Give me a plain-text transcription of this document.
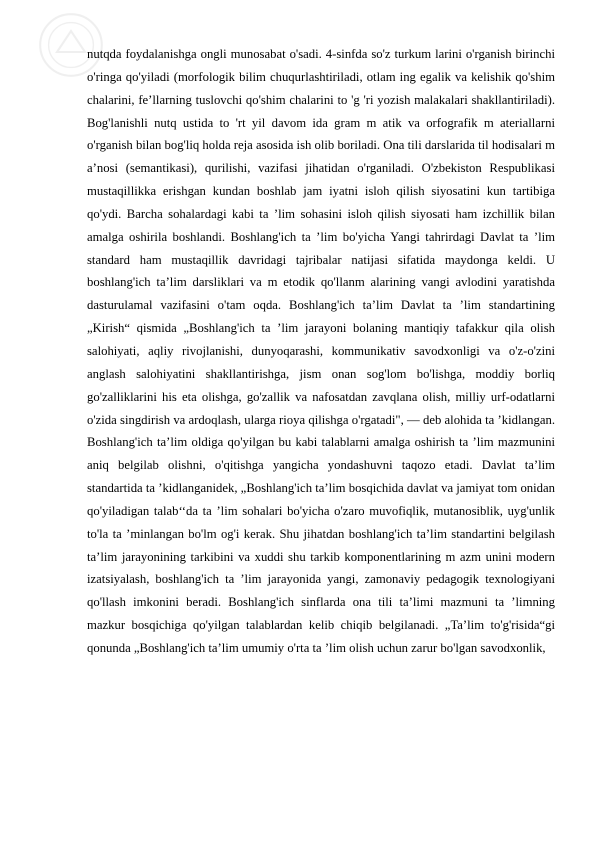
nutqda foydalanishga ongli munosabat o'sadi. 4-sinfda so'z turkum larini o'rganish birinchi o'ringa qo'yiladi (morfologik bilim chuqurlashtiriladi, otlam ing egalik va kelishik qo'shim chalarini, fe’llarning tuslovchi qo'shim chalarini to 'g 'ri yozish malakalari shakllantiriladi). Bog'lanishli nutq ustida to 'rt yil davom ida gram m atik va orfografik m ateriallarni o'rganish bilan bog'liq holda reja asosida ish olib boriladi. Ona tili darslarida til hodisalari m a’nosi (semantikasi), qurilishi, vazifasi jihatidan o'rganiladi. O'zbekiston Respublikasi mustaqillikka erishgan kundan boshlab jam iyatni isloh qilish siyosatini kun tartibiga qo'ydi. Barcha sohalardagi kabi ta ’lim sohasini isloh qilish siyosati ham izchillik bilan amalga oshirila boshlandi. Boshlang'ich ta ’lim bo'yicha Yangi tahrirdagi Davlat ta ’lim standard ham mustaqillik davridagi tajribalar natijasi sifatida maydonga keldi. U boshlang'ich ta’lim darsliklari va m etodik qo'llanm alarining vangi avlodini yaratishda dasturulamal vazifasini o'tam oqda. Boshlang'ich ta’lim Davlat ta ’lim standartining „Kirish“ qismida „Boshlang'ich ta ’lim jarayoni bolaning mantiqiy tafakkur qila olish salohiyati, aqliy rivojlanishi, dunyoqarashi, kommunikativ savodxonligi va o'z-o'zini anglash salohiyatini shakllantirishga, jism onan sog'lom bo'lishga, moddiy borliq go'zalliklarini his eta olishga, go'zallik va nafosatdan zavqlana olish, milliy urf-odatlarni o'zida singdirish va ardoqlash, ularga rioya qilishga o'rgatadi", — deb alohida ta ’kidlangan. Boshlang'ich ta’lim oldiga qo'yilgan bu kabi talablarni amalga oshirish ta ’lim mazmunini aniq belgilab olishni, o'qitishga yangicha yondashuvni taqozo etadi. Davlat ta’lim standartida ta ’kidlanganidek, „Boshlang'ich ta’lim bosqichida davlat va jamiyat tom onidan qo'yiladigan talab‘‘da ta ’lim sohalari bo'yicha o'zaro muvofiqlik, mutanosiblik, uyg'unlik to'la ta ’minlangan bo'lm og'i kerak. Shu jihatdan boshlang'ich ta’lim standartini belgilash ta’lim jarayonining tarkibini va xuddi shu tarkib komponentlarining m azm unini modern izatsiyalash, boshlang'ich ta ’lim jarayonida yangi, zamonaviy pedagogik texnologiyani qo'llash imkonini beradi. Boshlang'ich sinflarda ona tili ta’limi mazmuni ta ’limning mazkur bosqichiga qo'yilgan talablardan kelib chiqib belgilanadi. „Ta’lim to'g'risida“gi qonunda „Boshlang'ich ta’lim umumiy o'rta ta ’lim olish uchun zarur bo'lgan savodxonlik,
